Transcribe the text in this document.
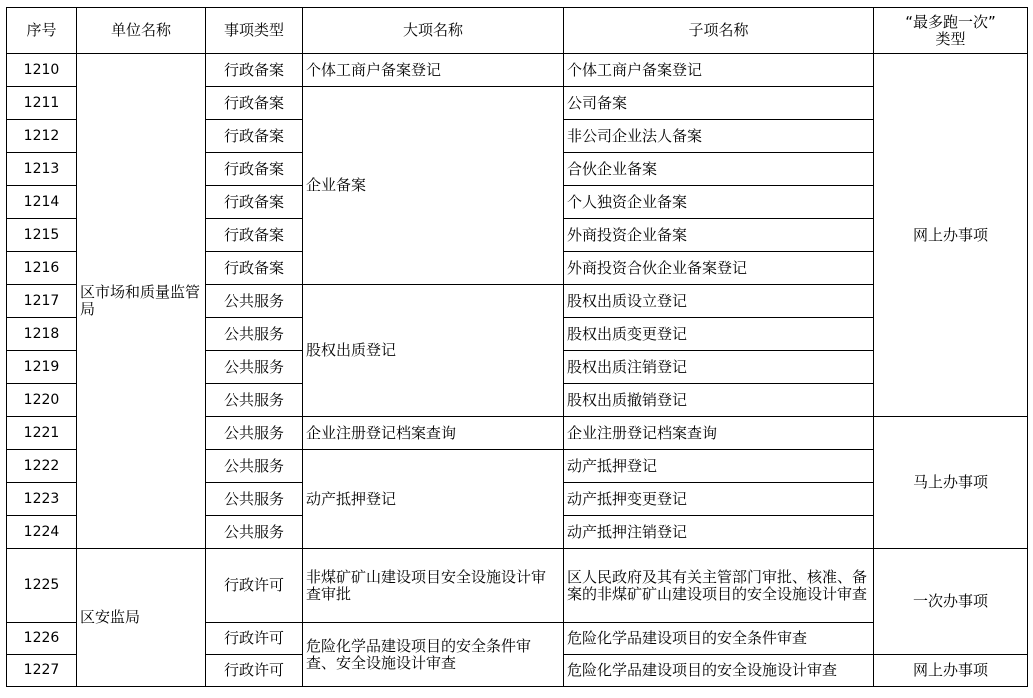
序号	单位名称	事项类型	大项名称	子项名称	“最多跑一次”
类型

1210	区市场和质量监管局	行政备案	个体工商户备案登记	个体工商户备案登记	网上办事项
1211		行政备案	企业备案	公司备案	
1212		行政备案		非公司企业法人备案	
1213		行政备案		合伙企业备案	
1214		行政备案		个人独资企业备案	
1215		行政备案		外商投资企业备案	
1216		行政备案		外商投资合伙企业备案登记	
1217		公共服务	股权出质登记	股权出质设立登记	
1218		公共服务		股权出质变更登记	
1219		公共服务		股权出质注销登记	
1220		公共服务		股权出质撤销登记	
1221		公共服务	企业注册登记档案查询	企业注册登记档案查询	马上办事项
1222		公共服务	动产抵押登记	动产抵押登记	
1223		公共服务		动产抵押变更登记	
1224		公共服务		动产抵押注销登记	
1225	区安监局	行政许可	非煤矿矿山建设项目安全设施设计审查审批	区人民政府及其有关主管部门审批、核准、备案的非煤矿矿山建设项目的安全设施设计审查	一次办事项
1226		行政许可	危险化学品建设项目的安全条件审查、安全设施设计审查	危险化学品建设项目的安全条件审查	
1227		行政许可		危险化学品建设项目的安全设施设计审查	网上办事项
